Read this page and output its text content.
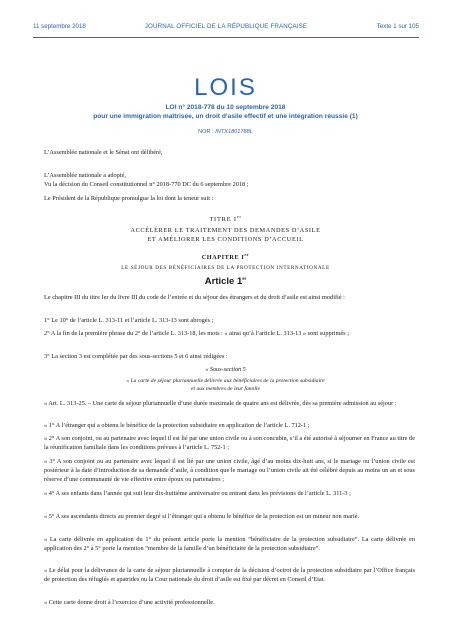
11 septembre 2018	JOURNAL OFFICIEL DE LA RÉPUBLIQUE FRANÇAISE	Texte 1 sur 105
LOIS
LOI n° 2018-778 du 10 septembre 2018
pour une immigration maîtrisée, un droit d’asile effectif et une intégration réussie (1)
NOR : INTX1801788L

L’Assemblée nationale et le Sénat ont délibéré,

L’Assemblée nationale a adopté,

Vu la décision du Conseil constitutionnel n° 2018-770 DC du 6 septembre 2018 ;

Le Président de la République promulgue la loi dont la teneur suit :

TITRE Ier
ACCÉLÉRER LE TRAITEMENT DES DEMANDES D’ASILE
ET AMÉLIORER LES CONDITIONS D’ACCUEIL
CHAPITRE Ier
LE SÉJOUR DES BÉNÉFICIAIRES DE LA PROTECTION INTERNATIONALE
Article 1er

Le chapitre III du titre Ier du livre III du code de l’entrée et du séjour des étrangers et du droit d’asile est ainsi modifié :

1° Le 10° de l’article L. 313-11 et l’article L. 313-13 sont abrogés ;

2° A la fin de la première phrase du 2° de l’article L. 313-18, les mots : « ainsi qu’à l’article L. 313-13 » sont supprimés ;

3° La section 3 est complétée par des sous-sections 5 et 6 ainsi rédigées :

« Sous-section 5
« La carte de séjour pluriannuelle délivrée aux bénéficiaires de la protection subsidiaire
et aux membres de leur famille

« Art. L. 313-25. – Une carte de séjour pluriannuelle d’une durée maximale de quatre ans est délivrée, dès sa première admission au séjour :

« 1° A l’étranger qui a obtenu le bénéfice de la protection subsidiaire en application de l’article L. 712-1 ;

« 2° A son conjoint, ou au partenaire avec lequel il est lié par une union civile ou à son concubin, s’il a été autorisé à séjourner en France au titre de la réunification familiale dans les conditions prévues à l’article L. 752-1 ;

« 3° A son conjoint ou au partenaire avec lequel il est lié par une union civile, âgé d’au moins dix-huit ans, si le mariage ou l’union civile est postérieur à la date d’introduction de sa demande d’asile, à condition que le mariage ou l’union civile ait été célébré depuis au moins un an et sous réserve d’une communauté de vie effective entre époux ou partenaires ;

« 4° A ses enfants dans l’année qui suit leur dix-huitième anniversaire ou entrant dans les prévisions de l’article L. 311-3 ;

« 5° A ses ascendants directs au premier degré si l’étranger qui a obtenu le bénéfice de la protection est un mineur non marié.

« La carte délivrée en application du 1° du présent article porte la mention “bénéficiaire de la protection subsidiaire”. La carte délivrée en application des 2° à 5° porte la mention “membre de la famille d’un bénéficiaire de la protection subsidiaire”.

« Le délai pour la délivrance de la carte de séjour pluriannuelle à compter de la décision d’octroi de la protection subsidiaire par l’Office français de protection des réfugiés et apatrides ou la Cour nationale du droit d’asile est fixé par décret en Conseil d’Etat.

« Cette carte donne droit à l’exercice d’une activité professionnelle.
